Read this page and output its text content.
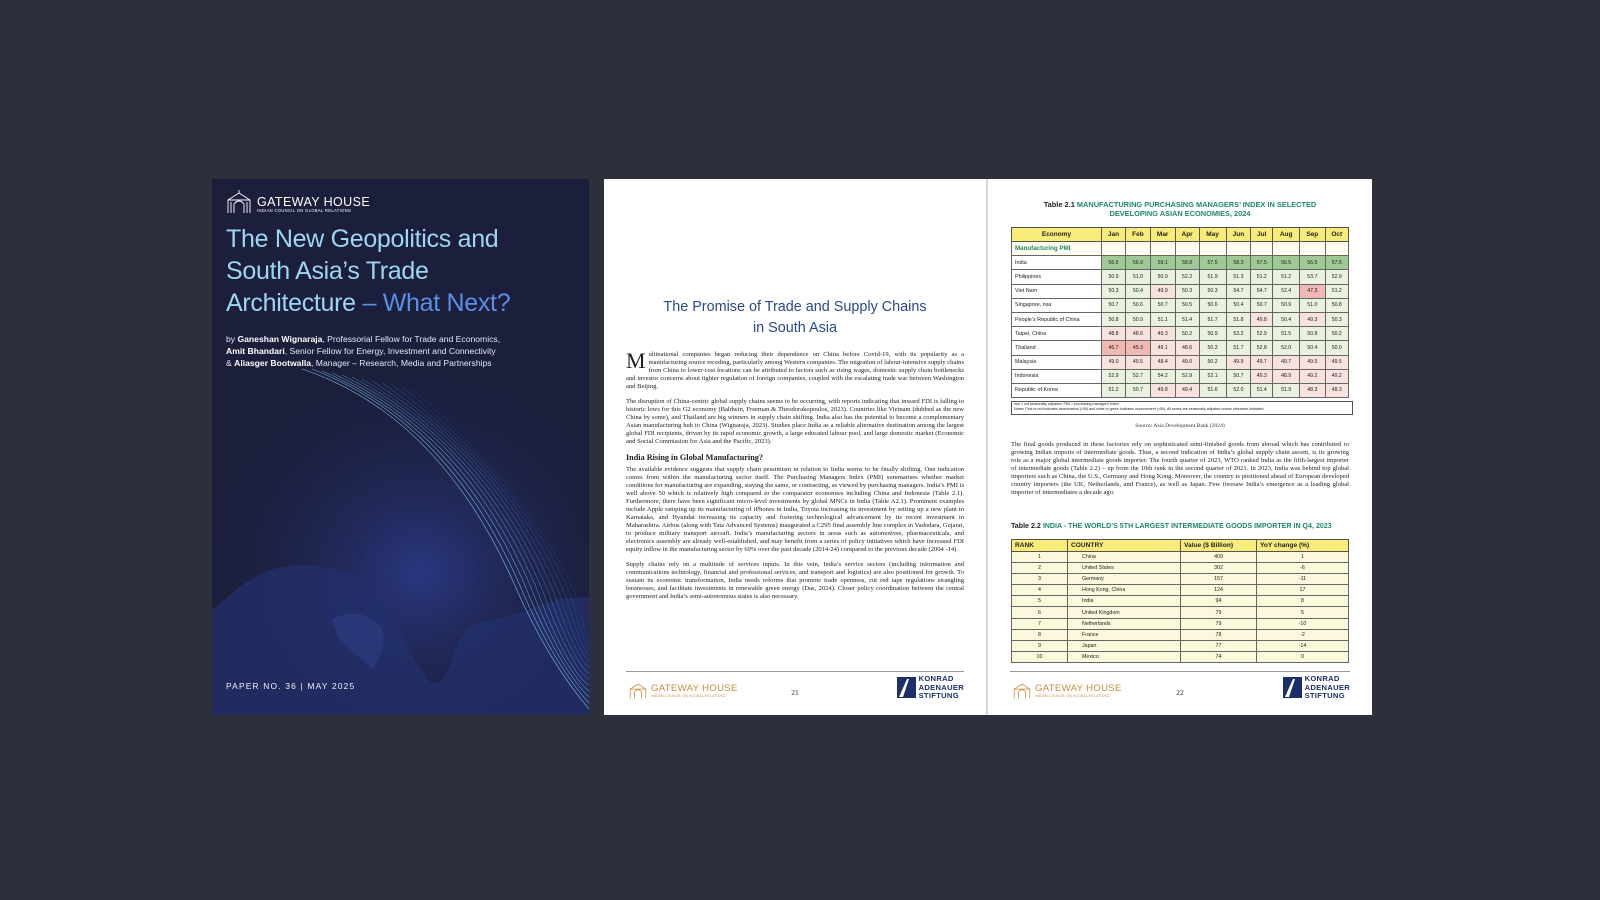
GATEWAY HOUSE
INDIAN COUNCIL ON GLOBAL RELATIONS
The New Geopolitics and South Asia’s Trade Architecture – What Next?
by Ganeshan Wignaraja, Professorial Fellow for Trade and Economics,
Amit Bhandari, Senior Fellow for Energy, Investment and Connectivity
& Aliasger Bootwalla, Manager – Research, Media and Partnerships
PAPER NO. 36 | MAY 2025
The Promise of Trade and Supply Chains
in South Asia

Multinational companies began reducing their dependence on China before Covid-19, with its popularity as a manufacturing source receding, particularly among Western companies. The migration of labour-intensive supply chains from China to lower-cost locations can be attributed to factors such as rising wages, domestic supply chain bottlenecks and investor concerns about tighter regulation of foreign companies, coupled with the escalating trade war between Washington and Beijing.

The disruption of China-centric global supply chains seems to be occurring, with reports indicating that inward FDI is falling to historic lows for this G2 economy (Baldwin, Freeman & Theodorakopoulos, 2023). Countries like Vietnam (dubbed as the new China by some), and Thailand are big winners in supply chain shifting. India also has the potential to become a complementary Asian manufacturing hub to China (Wignaraja, 2023). Studies place India as a reliable alternative destination among the largest global FDI recipients, driven by its rapid economic growth, a large educated labour pool, and large domestic market (Economic and Social Commission for Asia and the Pacific, 2023).

India Rising in Global Manufacturing?

The available evidence suggests that supply chain pessimism in relation to India seems to be finally shifting. One indication comes from within the manufacturing sector itself. The Purchasing Managers Index (PMI) summarises whether market conditions for manufacturing are expanding, staying the same, or contracting, as viewed by purchasing managers. India’s PMI is well above 50 which is relatively high compared to the comparator economies including China and Indonesia (Table 2.1). Furthermore, there have been significant micro-level investments by global MNCs in India (Table A2.1). Prominent examples include Apple ramping up its manufacturing of iPhones in India, Toyota increasing its investment by setting up a new plant in Karnataka, and Hyundai increasing its capacity and fostering technological advancement by its recent investment in Maharashtra. Airbus (along with Tata Advanced Systems) inaugurated a C295 final assembly line complex in Vadodara, Gujarat, to produce military transport aircraft. India’s manufacturing sectors in areas such as automotives, pharmaceuticals, and electronics assembly are already well-established, and may benefit from a series of policy initiatives which have increased FDI equity inflow in the manufacturing sector by 69% over the past decade (2014-24) compared to the previous decade (2004 -14).

Supply chains rely on a multitude of services inputs. In this vein, India’s service sectors (including information and communications technology, financial and professional services, and transport and logistics) are also positioned for growth. To sustain its economic transformation, India needs reforms that promote trade openness, cut red tape regulations strangling businesses, and facilitate investments in renewable green energy (Das, 2024). Closer policy coordination between the central government and India’s semi-autonomous states is also necessary.

GATEWAY HOUSE
INDIAN COUNCIL ON GLOBAL RELATIONS	21
KONRAD
ADENAUER
STIFTUNG
Table 2.1 MANUFACTURING PURCHASING MANAGERS’ INDEX IN SELECTED
DEVELOPING ASIAN ECONOMIES, 2024
Economy	Jan	Feb	Mar	Apr	May	Jun	Jul	Aug	Sep	Oct
Manufacturing PMI										
India	56.5	56.9	59.1	58.8	57.5	58.3	57.5	56.5	56.5	57.5
Philippines	50.9	51.0	50.9	52.2	51.9	51.3	51.2	51.2	53.7	52.9
Viet Nam	50.3	50.4	49.9	50.3	50.3	54.7	54.7	52.4	47.3	51.2
Singapore, nsa	50.7	50.6	50.7	50.5	50.6	50.4	50.7	50.9	51.0	50.8
People’s Republic of China	50.8	50.9	51.1	51.4	51.7	51.8	49.8	50.4	49.3	50.3
Taipei, China	48.8	48.6	49.3	50.2	50.9	53.2	52.9	51.5	50.8	50.2
Thailand	46.7	45.3	49.1	48.6	50.3	51.7	52.8	52.0	50.4	50.0
Malaysia	49.0	49.5	48.4	49.0	50.2	49.9	49.7	49.7	49.5	49.5
Indonesia	52.9	52.7	54.2	52.9	52.1	50.7	49.3	48.9	49.2	49.2
Republic of Korea	51.2	50.7	49.8	49.4	51.6	52.0	51.4	51.9	48.3	48.3
nsa = not seasonally adjusted, PMI = purchasing managers' index
Notes: Pink to red indicates deterioration (<50) and white to green indicates improvement (>50). All series are seasonally adjusted unless otherwise indicated
Source: Asia Development Bank (2024)

The final goods produced in these factories rely on sophisticated semi-finished goods from abroad which has contributed to growing Indian imports of intermediate goods. Thus, a second indication of India’s global supply chain ascent, is its growing role as a major global intermediate goods importer. The fourth quarter of 2023, WTO ranked India as the fifth-largest importer of intermediate goods (Table 2.2) – up from the 10th rank in the second quarter of 2021. In 2023, India was behind top global importers such as China, the U.S., Germany and Hong Kong. Moreover, the country is positioned ahead of European developed country importers (the UK, Netherlands, and France), as well as Japan. Few foresaw India’s emergence as a leading global importer of intermediates a decade ago.

Table 2.2 INDIA - THE WORLD’S 5TH LARGEST INTERMEDIATE GOODS IMPORTER IN Q4, 2023
RANK	COUNTRY	Value ($ Billion)	YoY change (%)
1	China	409	1
2	United States	302	-6
3	Germany	157	-11
4	Hong Kong, China	124	17
5	India	94	8
6	United Kingdom	79	5
7	Netherlands	79	-10
8	France	78	-2
9	Japan	77	-14
10	Mexico	74	0
GATEWAY HOUSE
INDIAN COUNCIL ON GLOBAL RELATIONS	22
KONRAD
ADENAUER
STIFTUNG
